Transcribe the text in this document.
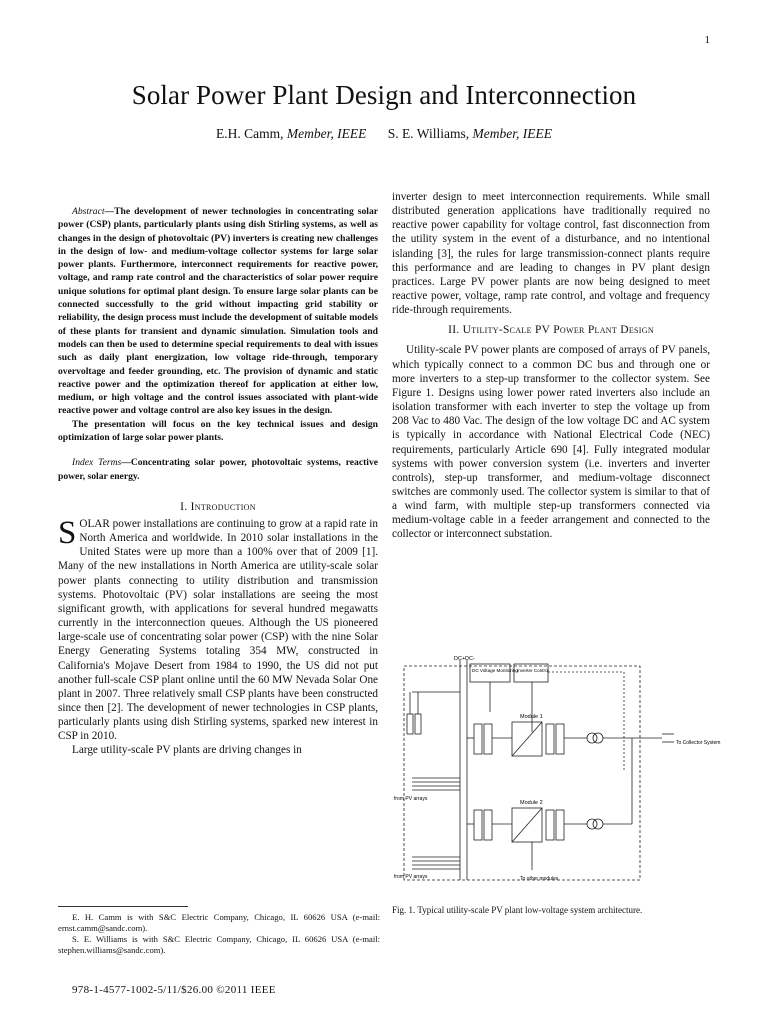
1
Solar Power Plant Design and Interconnection
E.H. Camm, Member, IEEE S. E. Williams, Member, IEEE

Abstract—The development of newer technologies in concentrating solar power (CSP) plants, particularly plants using dish Stirling systems, as well as changes in the design of photovoltaic (PV) inverters is creating new challenges in the design of low- and medium-voltage collector systems for large solar power plants. Furthermore, interconnect requirements for reactive power, voltage, and ramp rate control and the characteristics of solar power require unique solutions for optimal plant design. To ensure large solar plants can be connected successfully to the grid without impacting grid stability or reliability, the design process must include the development of suitable models of these plants for transient and dynamic simulation. Simulation tools and models can then be used to determine special requirements to deal with issues such as daily plant energization, low voltage ride-through, temporary overvoltage and feeder grounding, etc. The provision of dynamic and static reactive power and the optimization thereof for application at either low, medium, or high voltage and the control issues associated with plant-wide reactive power and voltage control are also key issues in the design.

The presentation will focus on the key technical issues and design optimization of large solar power plants.

Index Terms—Concentrating solar power, photovoltaic systems, reactive power, solar energy.

I. Introduction

SOLAR power installations are continuing to grow at a rapid rate in North America and worldwide. In 2010 solar installations in the United States were up more than a 100% over that of 2009 [1]. Many of the new installations in North America are utility-scale solar power plants connecting to utility distribution and transmission systems. Photovoltaic (PV) solar installations are seeing the most significant growth, with applications for several hundred megawatts currently in the interconnection queues. Although the US pioneered large-scale use of concentrating solar power (CSP) with the nine Solar Energy Generating Systems totaling 354 MW, constructed in California's Mojave Desert from 1984 to 1990, the US did not put another full-scale CSP plant online until the 60 MW Nevada Solar One plant in 2007. Three relatively small CSP plants have been constructed since then [2]. The development of newer technologies in CSP plants, particularly plants using dish Stirling systems, sparked new interest in CSP in 2010.

Large utility-scale PV plants are driving changes in

inverter design to meet interconnection requirements. While small distributed generation applications have traditionally required no reactive power capability for voltage control, fast disconnection from the utility system in the event of a disturbance, and no intentional islanding [3], the rules for large transmission-connect plants require this performance and are leading to changes in PV plant design practices. Large PV power plants are now being designed to meet reactive power, voltage, ramp rate control, and voltage and frequency ride-through requirements.

II. Utility-Scale PV Power Plant Design

Utility-scale PV power plants are composed of arrays of PV panels, which typically connect to a common DC bus and through one or more inverters to a step-up transformer to the collector system. See Figure 1. Designs using lower power rated inverters also include an isolation transformer with each inverter to step the voltage up from 208 Vac to 480 Vac. The design of the low voltage DC and AC system is typically in accordance with National Electrical Code (NEC) requirements, particularly Article 690 [4]. Fully integrated modular systems with power conversion system (i.e. inverters and inverter controls), step-up transformer, and medium-voltage disconnect switches are commonly used. The collector system is similar to that of a wind farm, with multiple step-up transformers connected via medium-voltage cable in a feeder arrangement and connected to the collector or interconnect substation.

DC+ DC-
DC Voltage Monitoring Inverter Control
Module 1
Module 2
To Collector System
from PV arrays
from PV arrays	To other modules
Fig. 1. Typical utility-scale PV plant low-voltage system architecture.

E. H. Camm is with S&C Electric Company, Chicago, IL 60626 USA (e-mail: ernst.camm@sandc.com).

S. E. Williams is with S&C Electric Company, Chicago, IL 60626 USA (e-mail: stephen.williams@sandc.com).

978-1-4577-1002-5/11/$26.00 ©2011 IEEE
